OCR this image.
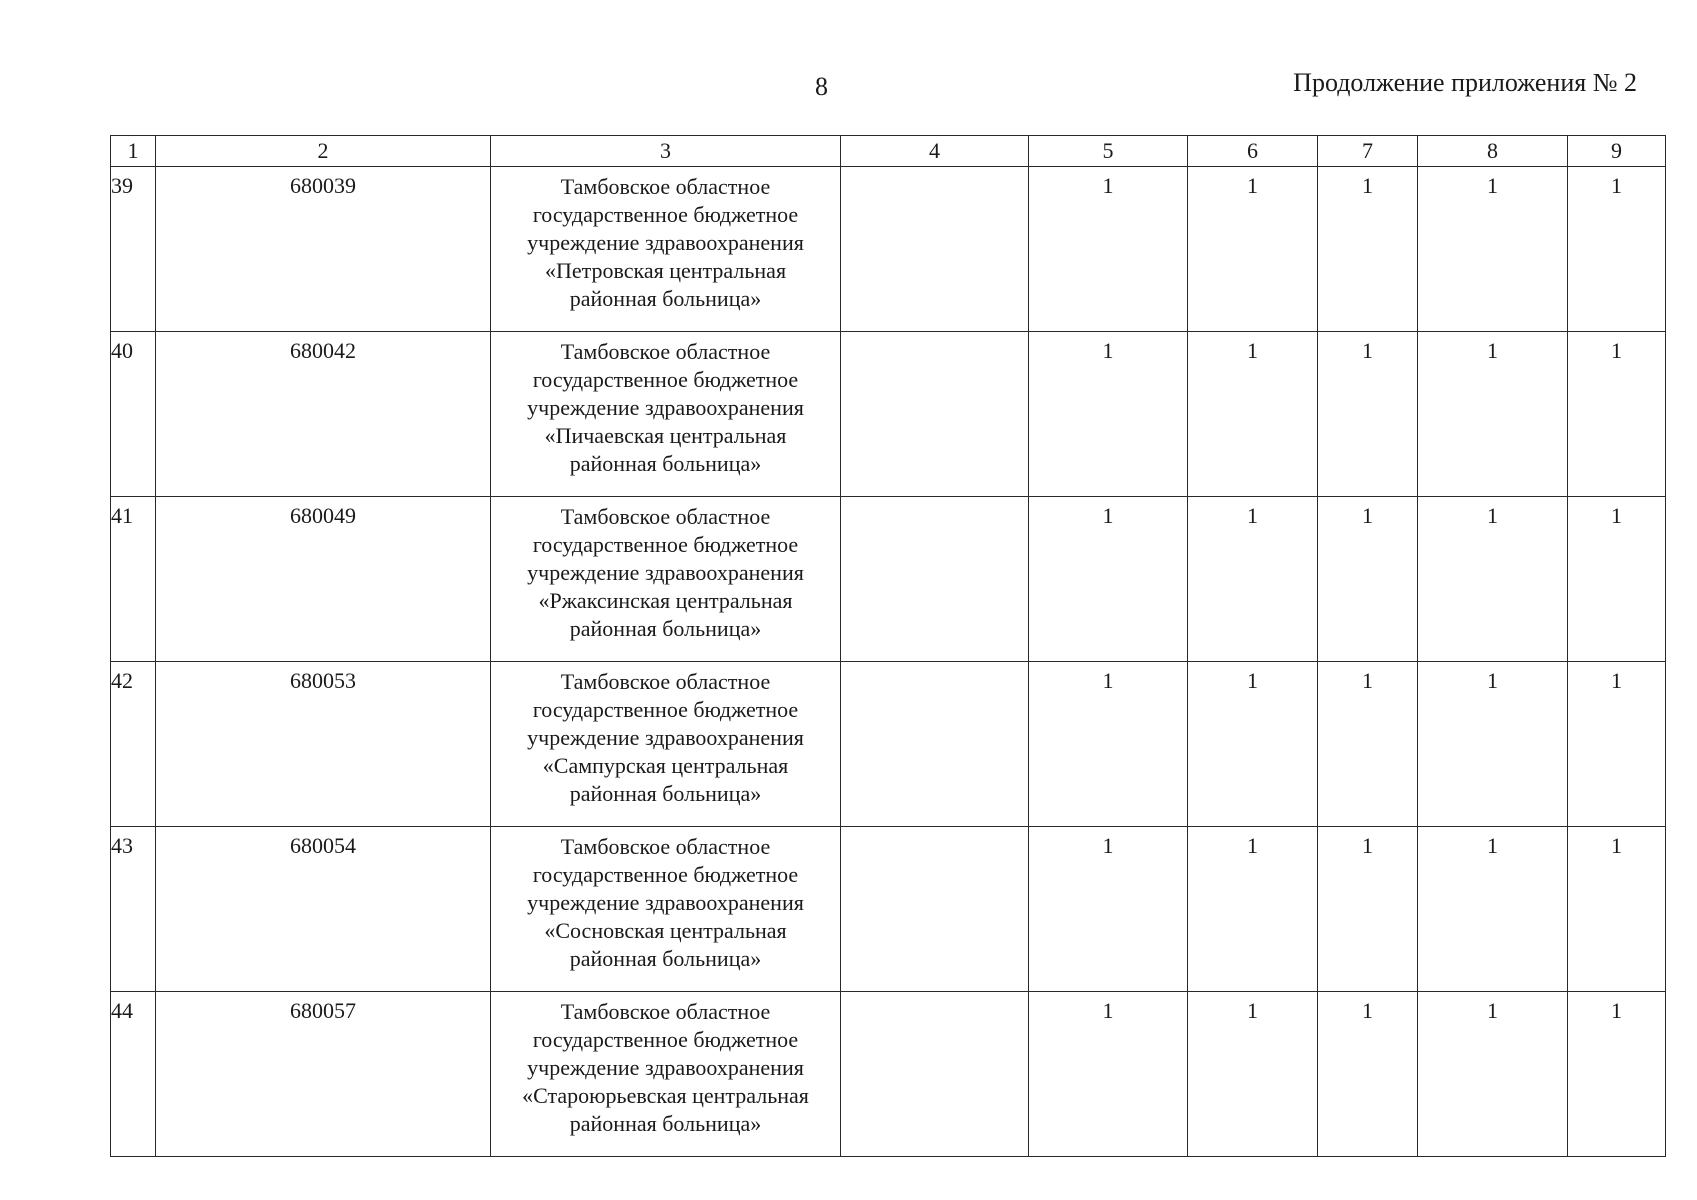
8	Продолжение приложения № 2
1	2	3	4	5	6	7	8	9
39	680039	Тамбовское областное
государственное бюджетное
учреждение здравоохранения
«Петровская центральная
районная больница»		1	1	1	1	1
40	680042	Тамбовское областное
государственное бюджетное
учреждение здравоохранения
«Пичаевская центральная
районная больница»		1	1	1	1	1
41	680049	Тамбовское областное
государственное бюджетное
учреждение здравоохранения
«Ржаксинская центральная
районная больница»		1	1	1	1	1
42	680053	Тамбовское областное
государственное бюджетное
учреждение здравоохранения
«Сампурская центральная
районная больница»		1	1	1	1	1
43	680054	Тамбовское областное
государственное бюджетное
учреждение здравоохранения
«Сосновская центральная
районная больница»		1	1	1	1	1
44	680057	Тамбовское областное
государственное бюджетное
учреждение здравоохранения
«Староюрьевская центральная
районная больница»		1	1	1	1	1
